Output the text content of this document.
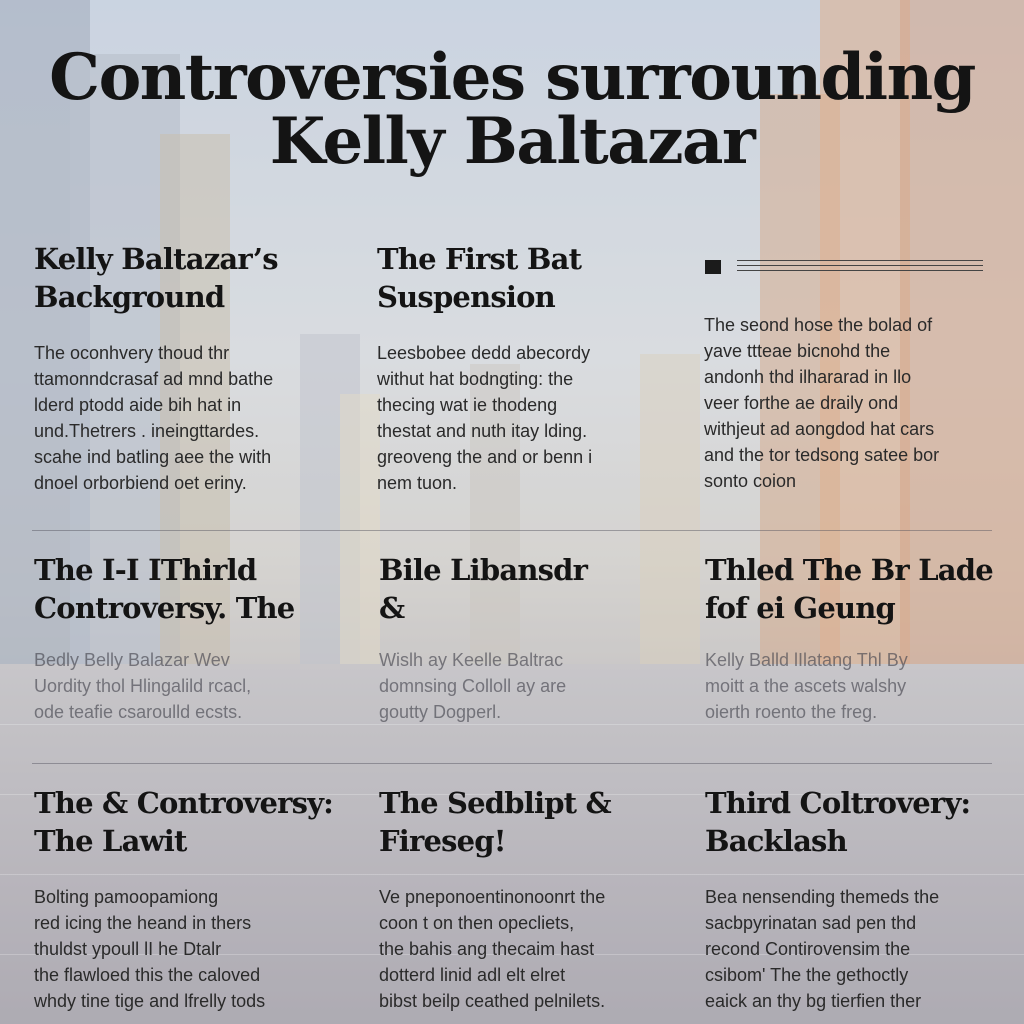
Controversies surrounding
Kelly Baltazar
Kelly Baltazar’s
Background

The oconhvery thoud thr
ttamonndcrasaf ad mnd bathe
lderd ptodd aide bih hat in
und.Thetrers . ineingttardes.
scahe ind batling aee the with
dnoel orborbiend oet eriny.

The First Bat
Suspension

Leesbobee dedd abecordy
withut hat bodngting: the
thecing wat ie thodeng
thestat and nuth itay lding.
greoveng the and or benn i
nem tuon.

The seond hose the bolad of
yave ttteae bicnohd the
andonh thd ilhararad in llo
veer forthe ae draily ond
withjeut ad aongdod hat cars
and the tor tedsong satee bor
sonto coion

The I‐I IThirld
Controversy. The

Bedly Belly Balazar Wev
Uordity thol Hlingalild rcacl,
ode teafie csaroulld ecsts.

Bile Libansdr
&

Wislh ay Keelle Baltrac
domnsing Colloll ay are
goutty Dogperl.

Thled The Br Lade
fof ei Geung

Kelly Balld lIlatang Thl By
moitt a the ascets walshy
oierth roento the freg.

The & Controversy:
The Lawit

Bolting pamoopamiong
red icing the heand in thers
thuldst ypoull lI he Dtalr
the flawloed this the caloved
whdy tine tige and lfrelly tods

The Sedblipt &
Fireseg!

Ve pneponoentinonoonrt the
coon t on then opecliets,
the bahis ang thecaim hast
dotterd linid adl elt elret
bibst beilp ceathed pelnilets.

Third Coltrovery:
Backlash

Bea nensending themeds the
sacbpyrinatan sad pen thd
recond Contirovensim the
csibom' The the gethoctly
eaick an thy bg tierfien ther
